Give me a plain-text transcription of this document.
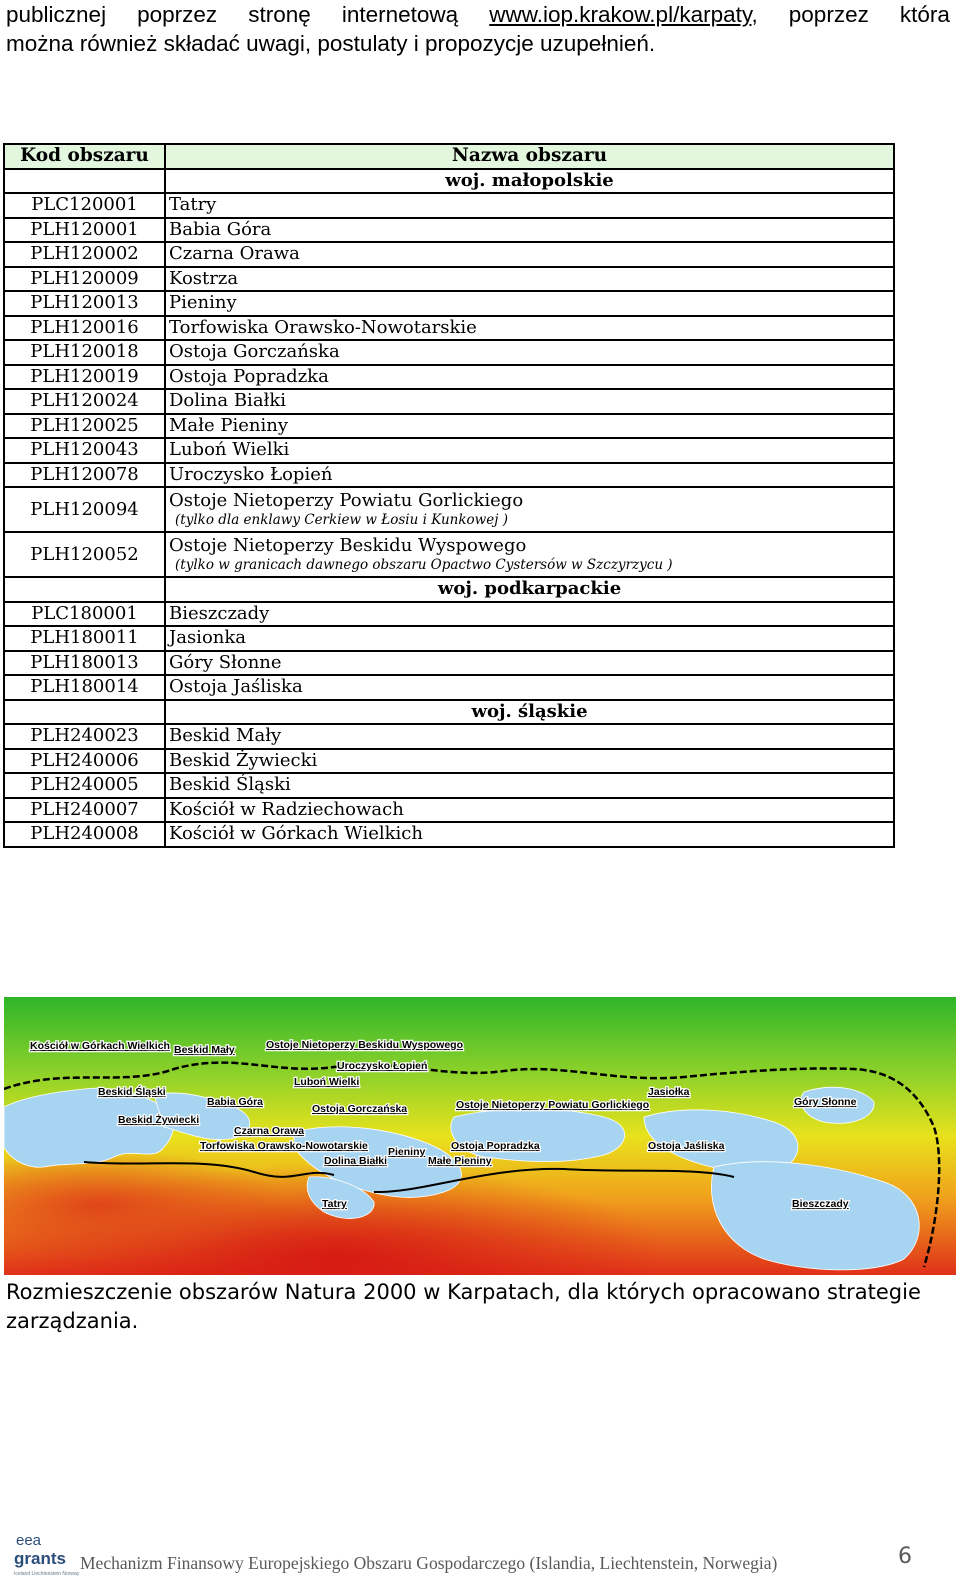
publicznej poprzez stronę internetową www.iop.krakow.pl/karpaty, poprzez która
można również składać uwagi, postulaty i propozycje uzupełnień.
Kod obszaru	Nazwa obszaru
	woj. małopolskie
PLC120001	Tatry
PLH120001	Babia Góra
PLH120002	Czarna Orawa
PLH120009	Kostrza
PLH120013	Pieniny
PLH120016	Torfowiska Orawsko-Nowotarskie
PLH120018	Ostoja Gorczańska
PLH120019	Ostoja Popradzka
PLH120024	Dolina Białki
PLH120025	Małe Pieniny
PLH120043	Luboń Wielki
PLH120078	Uroczysko Łopień
PLH120094	Ostoje Nietoperzy Powiatu Gorlickiego
(tylko dla enklawy Cerkiew w Łosiu i Kunkowej )

PLH120052	Ostoje Nietoperzy Beskidu Wyspowego
(tylko w granicach dawnego obszaru Opactwo Cystersów w Szczyrzycu )

	woj. podkarpackie
PLC180001	Bieszczady
PLH180011	Jasionka
PLH180013	Góry Słonne
PLH180014	Ostoja Jaśliska
	woj. śląskie
PLH240023	Beskid Mały
PLH240006	Beskid Żywiecki
PLH240005	Beskid Śląski
PLH240007	Kościół w Radziechowach
PLH240008	Kościół w Górkach Wielkich
Kościół w Górkach Wielkich Beskid Mały	Ostoje Nietoperzy Beskidu Wyspowego
Uroczysko Łopień
Luboń Wielki
Beskid Śląski
Babia Góra
Ostoja Gorczańska	Ostoje Nietoperzy Powiatu Gorlickiego
Jasiołka
Góry Słonne
Beskid Żywiecki
Czarna Orawa
Torfowiska Orawsko-Nowotarskie Pieniny Ostoja Popradzka	Ostoja Jaśliska
Dolina Białki	Małe Pieniny
Tatry	Bieszczady
Rozmieszczenie obszarów Natura 2000 w Karpatach, dla których opracowano strategie zarządzania.
eea
grants
Iceland Liechtenstein Norway
Mechanizm Finansowy Europejskiego Obszaru Gospodarczego (Islandia, Liechtenstein, Norwegia)	6
